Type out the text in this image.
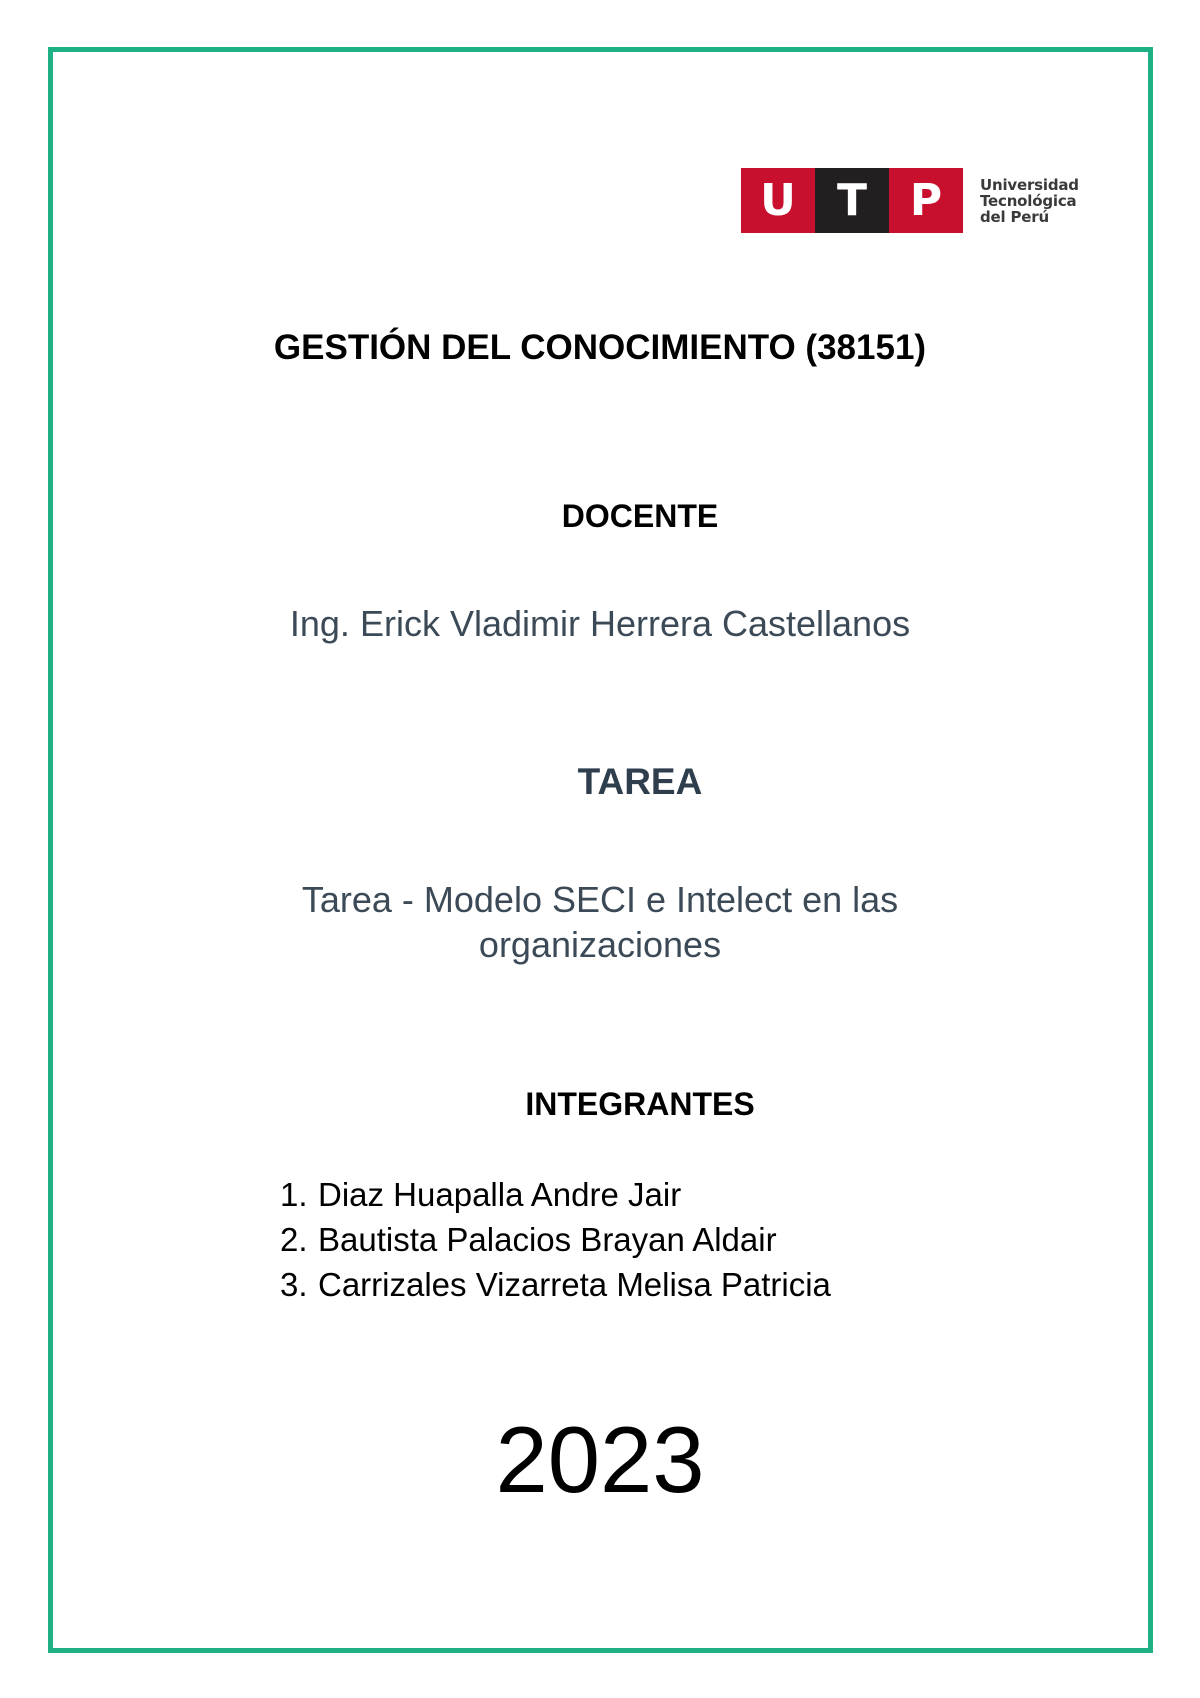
U T P	Universidad
Tecnológica
del Perú
GESTIÓN DEL CONOCIMIENTO (38151)
DOCENTE
Ing. Erick Vladimir Herrera Castellanos
TAREA
Tarea - Modelo SECI e Intelect en las
organizaciones
INTEGRANTES
1. Diaz Huapalla Andre Jair
2. Bautista Palacios Brayan Aldair
3. Carrizales Vizarreta Melisa Patricia
2023
